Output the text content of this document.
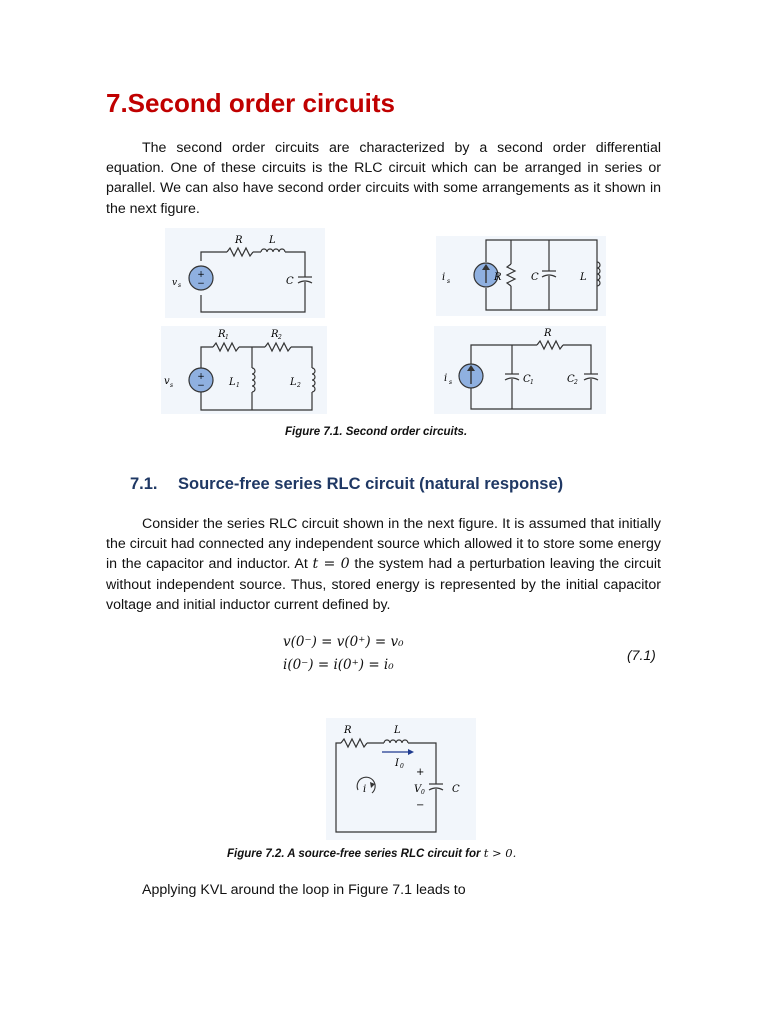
7.Second order circuits

The second order circuits are characterized by a second order differential equation. One of these circuits is the RLC circuit which can be arranged in series or parallel. We can also have second order circuits with some arrangements as it shown in the next figure.

+
−
v s
R	L
C	i s	R	C	L
+
−
v s
R 1	R 2
L 1	L 2
i s
R
C 1	C 2
Figure 7.1. Second order circuits.
7.1. Source-free series RLC circuit (natural response)

Consider the series RLC circuit shown in the next figure. It is assumed that initially the circuit had connected any independent source which allowed it to store some energy in the capacitor and inductor. At t = 0 the system had a perturbation leaving the circuit without independent source. Thus, stored energy is represented by the initial capacitor voltage and initial inductor current defined by.

v(0⁻) = v(0⁺) = v₀
i(0⁻) = i(0⁺) = i₀
(7.1)
R	L
I 0
i
+
V 0
−
C
Figure 7.2. A source-free series RLC circuit for t > 0.

Applying KVL around the loop in Figure 7.1 leads to
